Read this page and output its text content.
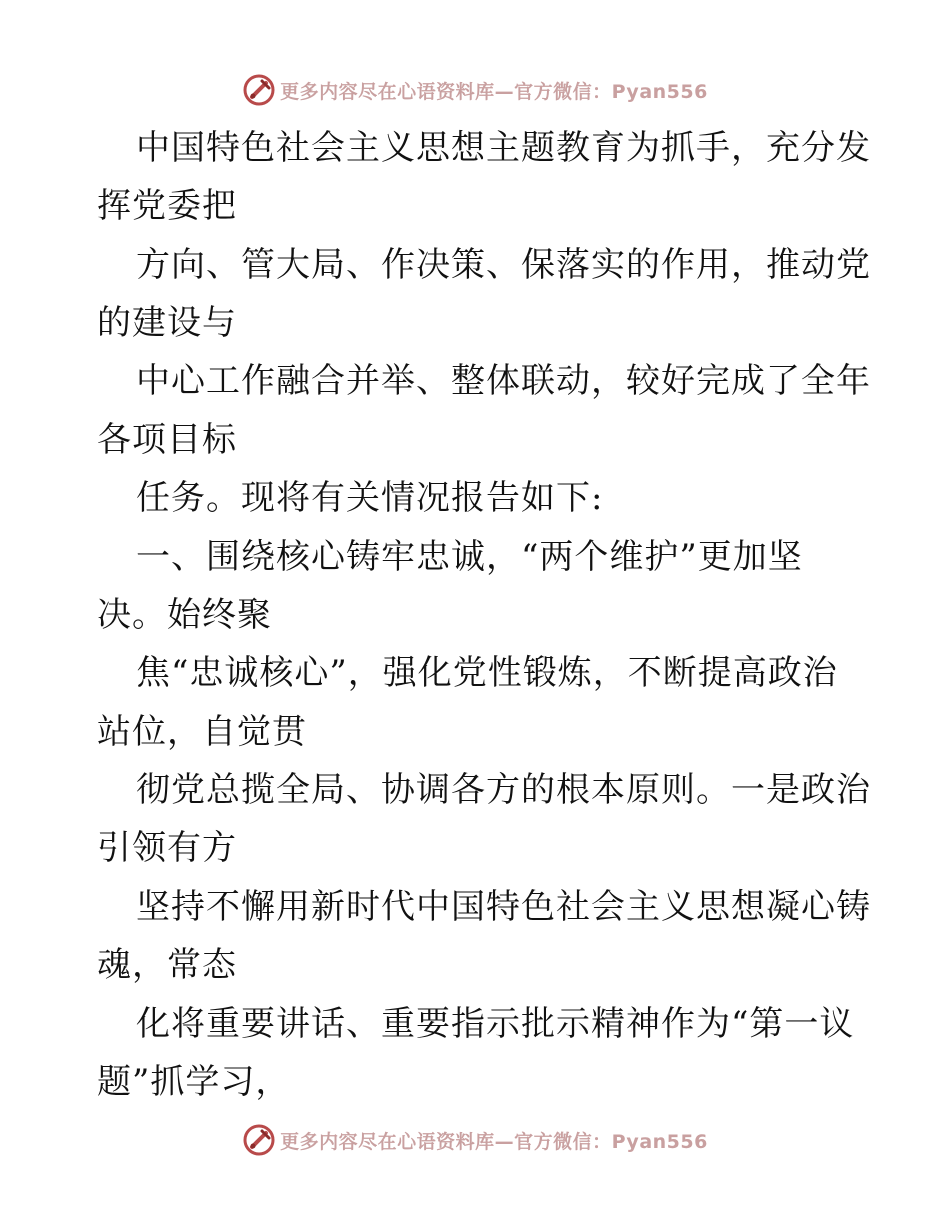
更多内容尽在心语资料库—官方微信：Pyan556
中国特色社会主义思想主题教育为抓手，充分发
挥党委把
方向、管大局、作决策、保落实的作用，推动党
的建设与
中心工作融合并举、整体联动，较好完成了全年
各项目标
任务。现将有关情况报告如下:
一、围绕核心铸牢忠诚，“两个维护”更加坚
决。始终聚
焦“忠诚核心”，强化党性锻炼，不断提高政治
站位，自觉贯
彻党总揽全局、协调各方的根本原则。一是政治
引领有方
坚持不懈用新时代中国特色社会主义思想凝心铸
魂，常态
化将重要讲话、重要指示批示精神作为“第一议
题”抓学习，
更多内容尽在心语资料库—官方微信：Pyan556
